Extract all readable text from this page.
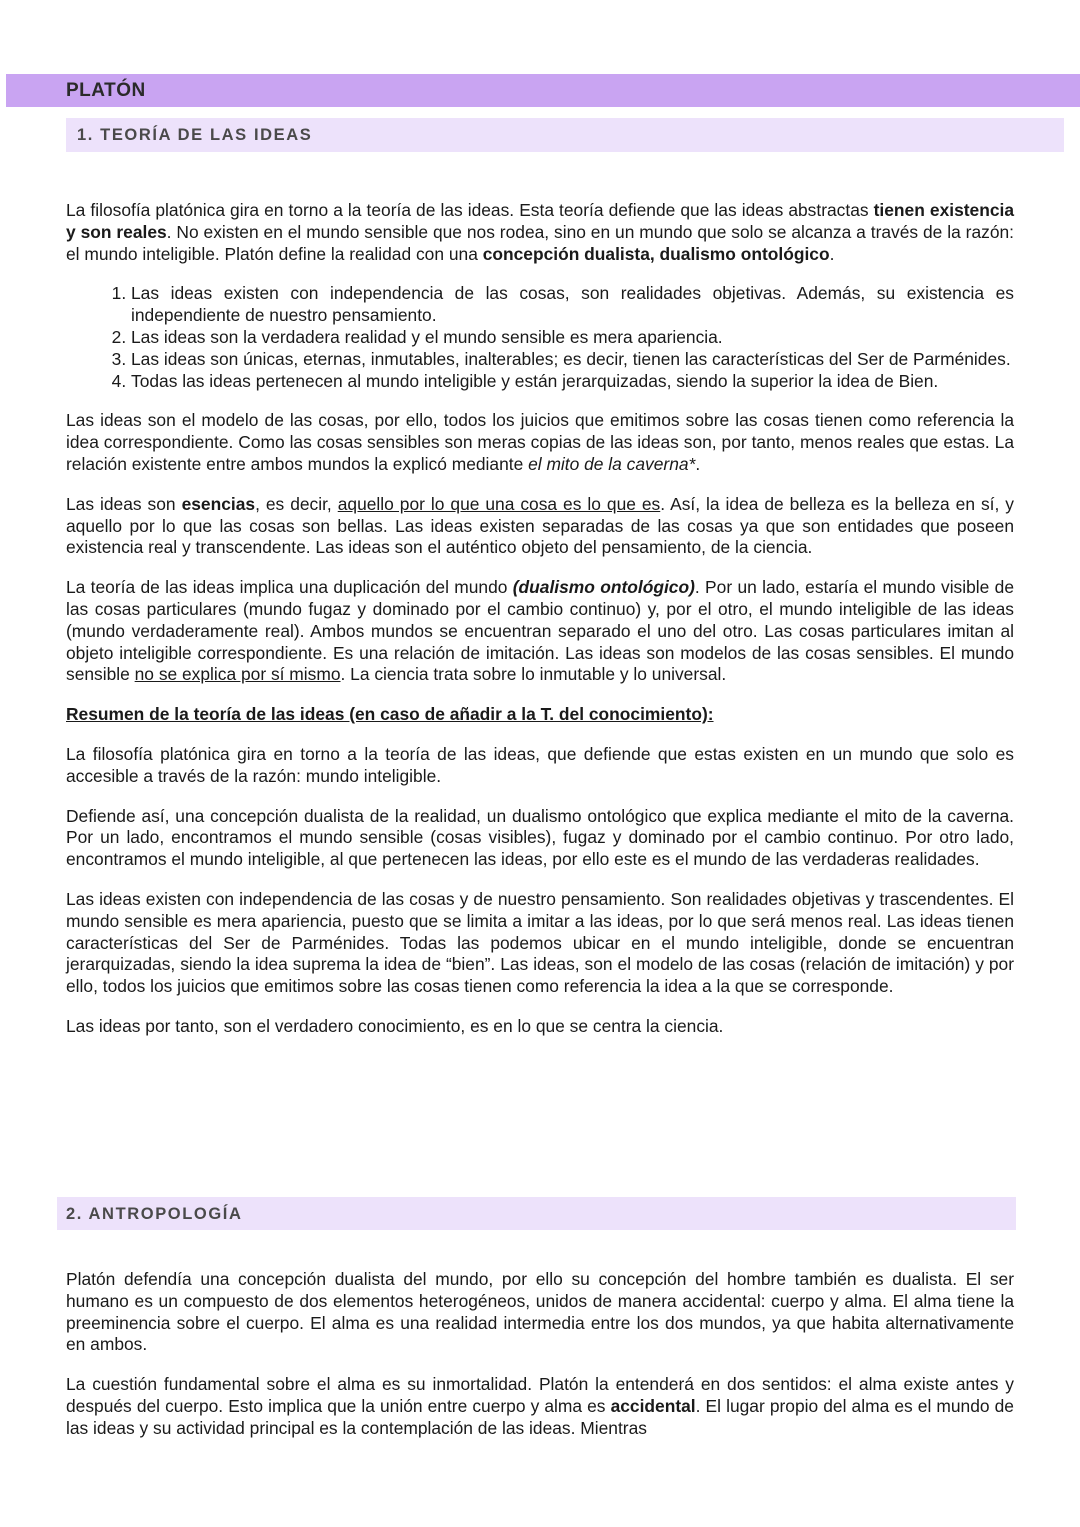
PLATÓN
1. TEORÍA DE LAS IDEAS

La filosofía platónica gira en torno a la teoría de las ideas. Esta teoría defiende que las ideas abstractas tienen existencia y son reales. No existen en el mundo sensible que nos rodea, sino en un mundo que solo se alcanza a través de la razón: el mundo inteligible. Platón define la realidad con una concepción dualista, dualismo ontológico.

1. Las ideas existen con independencia de las cosas, son realidades objetivas. Además, su existencia es independiente de nuestro pensamiento.
2. Las ideas son la verdadera realidad y el mundo sensible es mera apariencia.
3. Las ideas son únicas, eternas, inmutables, inalterables; es decir, tienen las características del Ser de Parménides.
4. Todas las ideas pertenecen al mundo inteligible y están jerarquizadas, siendo la superior la idea de Bien.

Las ideas son el modelo de las cosas, por ello, todos los juicios que emitimos sobre las cosas tienen como referencia la idea correspondiente. Como las cosas sensibles son meras copias de las ideas son, por tanto, menos reales que estas. La relación existente entre ambos mundos la explicó mediante el mito de la caverna*.

Las ideas son esencias, es decir, aquello por lo que una cosa es lo que es. Así, la idea de belleza es la belleza en sí, y aquello por lo que las cosas son bellas. Las ideas existen separadas de las cosas ya que son entidades que poseen existencia real y transcendente. Las ideas son el auténtico objeto del pensamiento, de la ciencia.

La teoría de las ideas implica una duplicación del mundo (dualismo ontológico). Por un lado, estaría el mundo visible de las cosas particulares (mundo fugaz y dominado por el cambio continuo) y, por el otro, el mundo inteligible de las ideas (mundo verdaderamente real). Ambos mundos se encuentran separado el uno del otro. Las cosas particulares imitan al objeto inteligible correspondiente. Es una relación de imitación. Las ideas son modelos de las cosas sensibles. El mundo sensible no se explica por sí mismo. La ciencia trata sobre lo inmutable y lo universal.

Resumen de la teoría de las ideas (en caso de añadir a la T. del conocimiento):

La filosofía platónica gira en torno a la teoría de las ideas, que defiende que estas existen en un mundo que solo es accesible a través de la razón: mundo inteligible.

Defiende así, una concepción dualista de la realidad, un dualismo ontológico que explica mediante el mito de la caverna. Por un lado, encontramos el mundo sensible (cosas visibles), fugaz y dominado por el cambio continuo. Por otro lado, encontramos el mundo inteligible, al que pertenecen las ideas, por ello este es el mundo de las verdaderas realidades.

Las ideas existen con independencia de las cosas y de nuestro pensamiento. Son realidades objetivas y trascendentes. El mundo sensible es mera apariencia, puesto que se limita a imitar a las ideas, por lo que será menos real. Las ideas tienen características del Ser de Parménides. Todas las podemos ubicar en el mundo inteligible, donde se encuentran jerarquizadas, siendo la idea suprema la idea de “bien”. Las ideas, son el modelo de las cosas (relación de imitación) y por ello, todos los juicios que emitimos sobre las cosas tienen como referencia la idea a la que se corresponde.

Las ideas por tanto, son el verdadero conocimiento, es en lo que se centra la ciencia.

2. ANTROPOLOGÍA

Platón defendía una concepción dualista del mundo, por ello su concepción del hombre también es dualista. El ser humano es un compuesto de dos elementos heterogéneos, unidos de manera accidental: cuerpo y alma. El alma tiene la preeminencia sobre el cuerpo. El alma es una realidad intermedia entre los dos mundos, ya que habita alternativamente en ambos.

La cuestión fundamental sobre el alma es su inmortalidad. Platón la entenderá en dos sentidos: el alma existe antes y después del cuerpo. Esto implica que la unión entre cuerpo y alma es accidental. El lugar propio del alma es el mundo de las ideas y su actividad principal es la contemplación de las ideas. Mientras
